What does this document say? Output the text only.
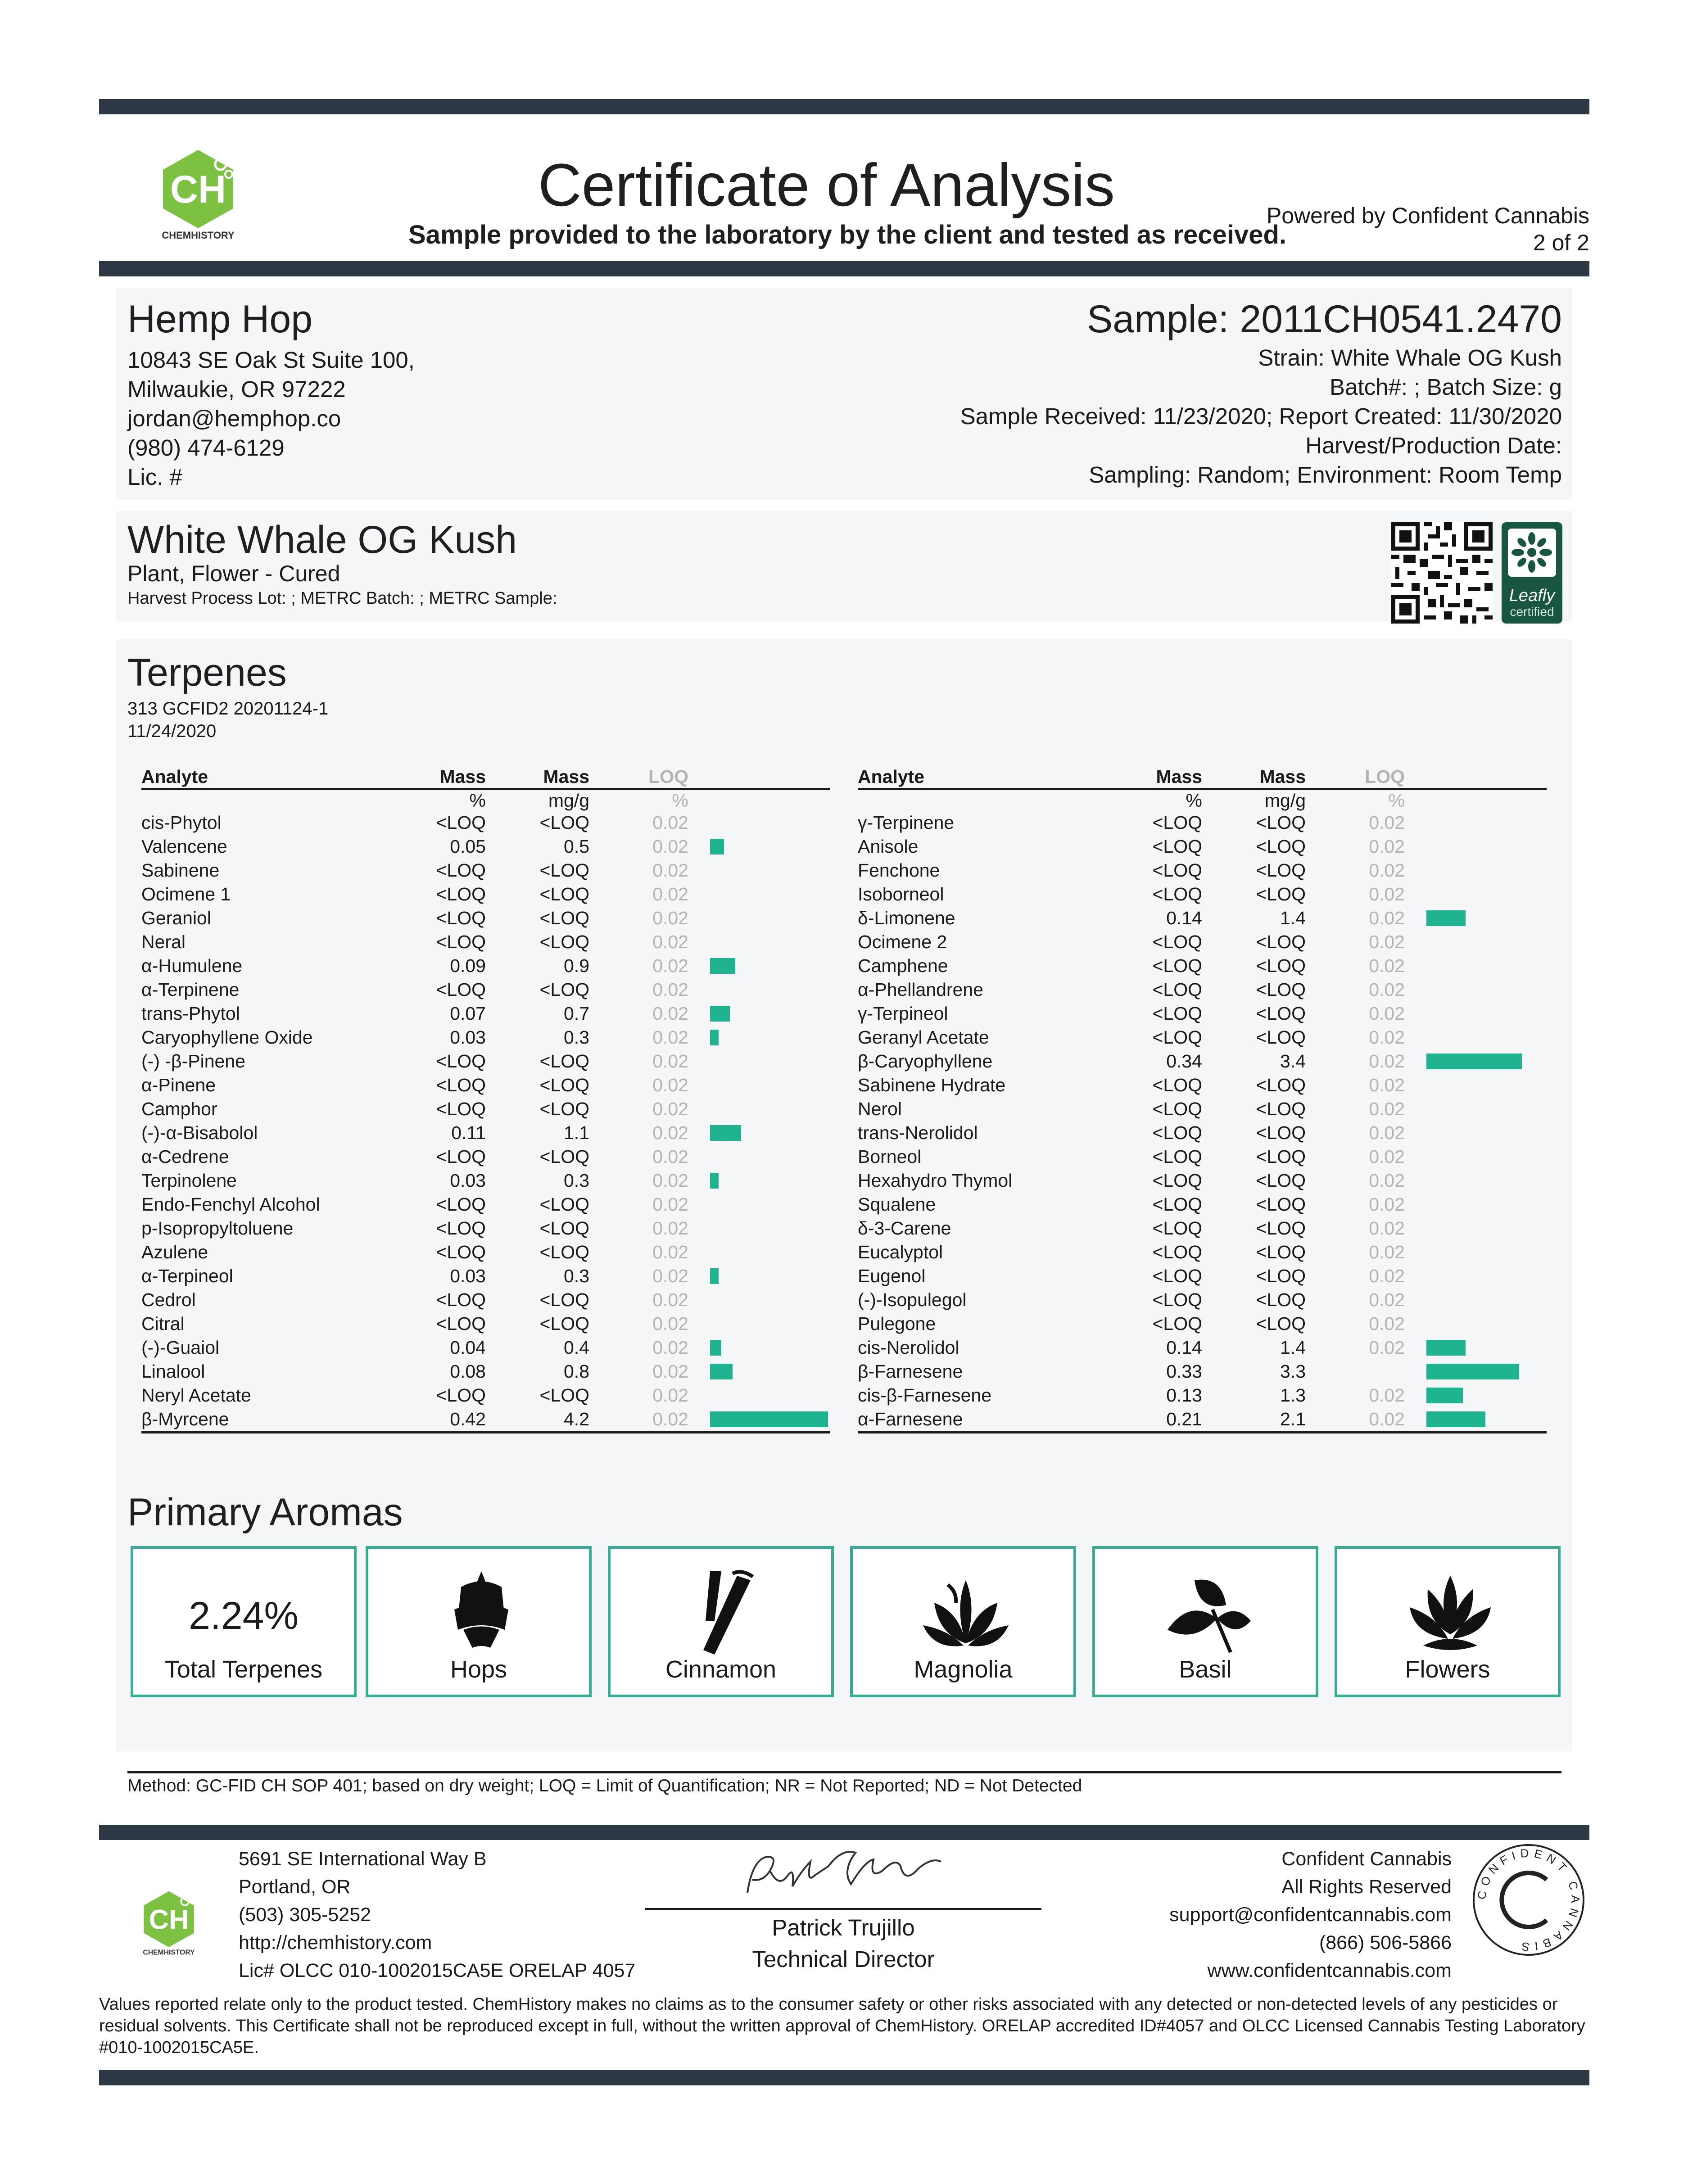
CH
CHEMHISTORY
Certificate of Analysis
Sample provided to the laboratory by the client and tested as received.
Powered by Confident Cannabis
2 of 2
Hemp Hop
10843 SE Oak St Suite 100,
Milwaukie, OR 97222
jordan@hemphop.co
(980) 474-6129
Lic. #
Sample: 2011CH0541.2470
Strain: White Whale OG Kush
Batch#: ; Batch Size: g
Sample Received: 11/23/2020; Report Created: 11/30/2020
Harvest/Production Date:
Sampling: Random; Environment: Room Temp
White Whale OG Kush
Plant, Flower - Cured
Harvest Process Lot: ; METRC Batch: ; METRC Sample:	Leafly
certified
Terpenes
313 GCFID2 20201124-1
11/24/2020
Analyte	Mass	Mass	LOQ	
	%	mg/g	%	
cis-Phytol	<LOQ	<LOQ	0.02	
Valencene	0.05	0.5	0.02	

Sabinene	<LOQ	<LOQ	0.02	
Ocimene 1	<LOQ	<LOQ	0.02	
Geraniol	<LOQ	<LOQ	0.02	
Neral	<LOQ	<LOQ	0.02	
α-Humulene	0.09	0.9	0.02	

α-Terpinene	<LOQ	<LOQ	0.02	
trans-Phytol	0.07	0.7	0.02	

Caryophyllene Oxide	0.03	0.3	0.02	

(-) -β-Pinene	<LOQ	<LOQ	0.02	
α-Pinene	<LOQ	<LOQ	0.02	
Camphor	<LOQ	<LOQ	0.02	
(-)-α-Bisabolol	0.11	1.1	0.02	

α-Cedrene	<LOQ	<LOQ	0.02	
Terpinolene	0.03	0.3	0.02	

Endo-Fenchyl Alcohol	<LOQ	<LOQ	0.02	
p-Isopropyltoluene	<LOQ	<LOQ	0.02	
Azulene	<LOQ	<LOQ	0.02	
α-Terpineol	0.03	0.3	0.02	

Cedrol	<LOQ	<LOQ	0.02	
Citral	<LOQ	<LOQ	0.02	
(-)-Guaiol	0.04	0.4	0.02	

Linalool	0.08	0.8	0.02	

Neryl Acetate	<LOQ	<LOQ	0.02	
β-Myrcene	0.42	4.2	0.02	
Analyte	Mass	Mass	LOQ	
	%	mg/g	%	
γ-Terpinene	<LOQ	<LOQ	0.02	
Anisole	<LOQ	<LOQ	0.02	
Fenchone	<LOQ	<LOQ	0.02	
Isoborneol	<LOQ	<LOQ	0.02	
δ-Limonene	0.14	1.4	0.02	

Ocimene 2	<LOQ	<LOQ	0.02	
Camphene	<LOQ	<LOQ	0.02	
α-Phellandrene	<LOQ	<LOQ	0.02	
γ-Terpineol	<LOQ	<LOQ	0.02	
Geranyl Acetate	<LOQ	<LOQ	0.02	
β-Caryophyllene	0.34	3.4	0.02	

Sabinene Hydrate	<LOQ	<LOQ	0.02	
Nerol	<LOQ	<LOQ	0.02	
trans-Nerolidol	<LOQ	<LOQ	0.02	
Borneol	<LOQ	<LOQ	0.02	
Hexahydro Thymol	<LOQ	<LOQ	0.02	
Squalene	<LOQ	<LOQ	0.02	
δ-3-Carene	<LOQ	<LOQ	0.02	
Eucalyptol	<LOQ	<LOQ	0.02	
Eugenol	<LOQ	<LOQ	0.02	
(-)-Isopulegol	<LOQ	<LOQ	0.02	
Pulegone	<LOQ	<LOQ	0.02	
cis-Nerolidol	0.14	1.4	0.02	

β-Farnesene	0.33	3.3		

cis-β-Farnesene	0.13	1.3	0.02	

α-Farnesene	0.21	2.1	0.02	
Primary Aromas
2.24%
Total Terpenes	Hops	Cinnamon	Magnolia	Basil	Flowers
Method: GC-FID CH SOP 401; based on dry weight; LOQ = Limit of Quantification; NR = Not Reported; ND = Not Detected
CH
CHEMHISTORY
5691 SE International Way B
Portland, OR
(503) 305-5252
http://chemhistory.com
Lic# OLCC 010-1002015CA5E ORELAP 4057
Patrick Trujillo
Technical Director
Confident Cannabis
All Rights Reserved
support@confidentcannabis.com
(866) 506-5866
www.confidentcannabis.com
CONFIDENT CANNABIS
Values reported relate only to the product tested. ChemHistory makes no claims as to the consumer safety or other risks associated with any detected or non-detected levels of any pesticides or residual solvents. This Certificate shall not be reproduced except in full, without the written approval of ChemHistory. ORELAP accredited ID#4057 and OLCC Licensed Cannabis Testing Laboratory #010-1002015CA5E.
